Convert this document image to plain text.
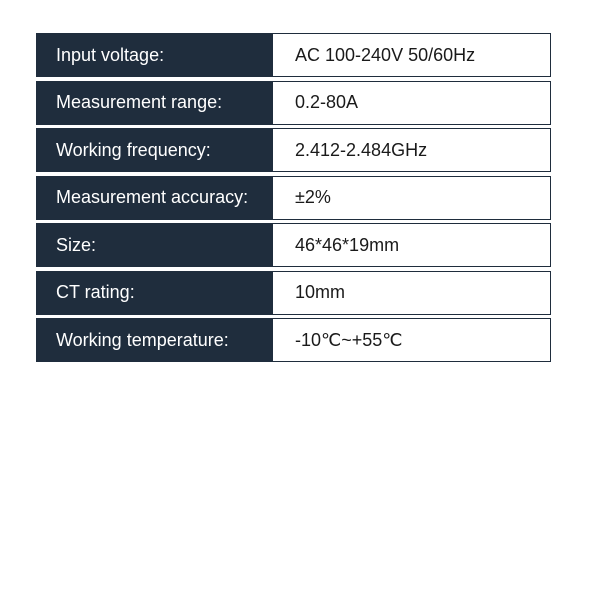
Input voltage:	AC 100-240V 50/60Hz
Measurement range:	0.2-80A
Working frequency:	2.412-2.484GHz
Measurement accuracy:	±2%
Size:	46*46*19mm
CT rating:	10mm
Working temperature:	-10℃~+55℃
